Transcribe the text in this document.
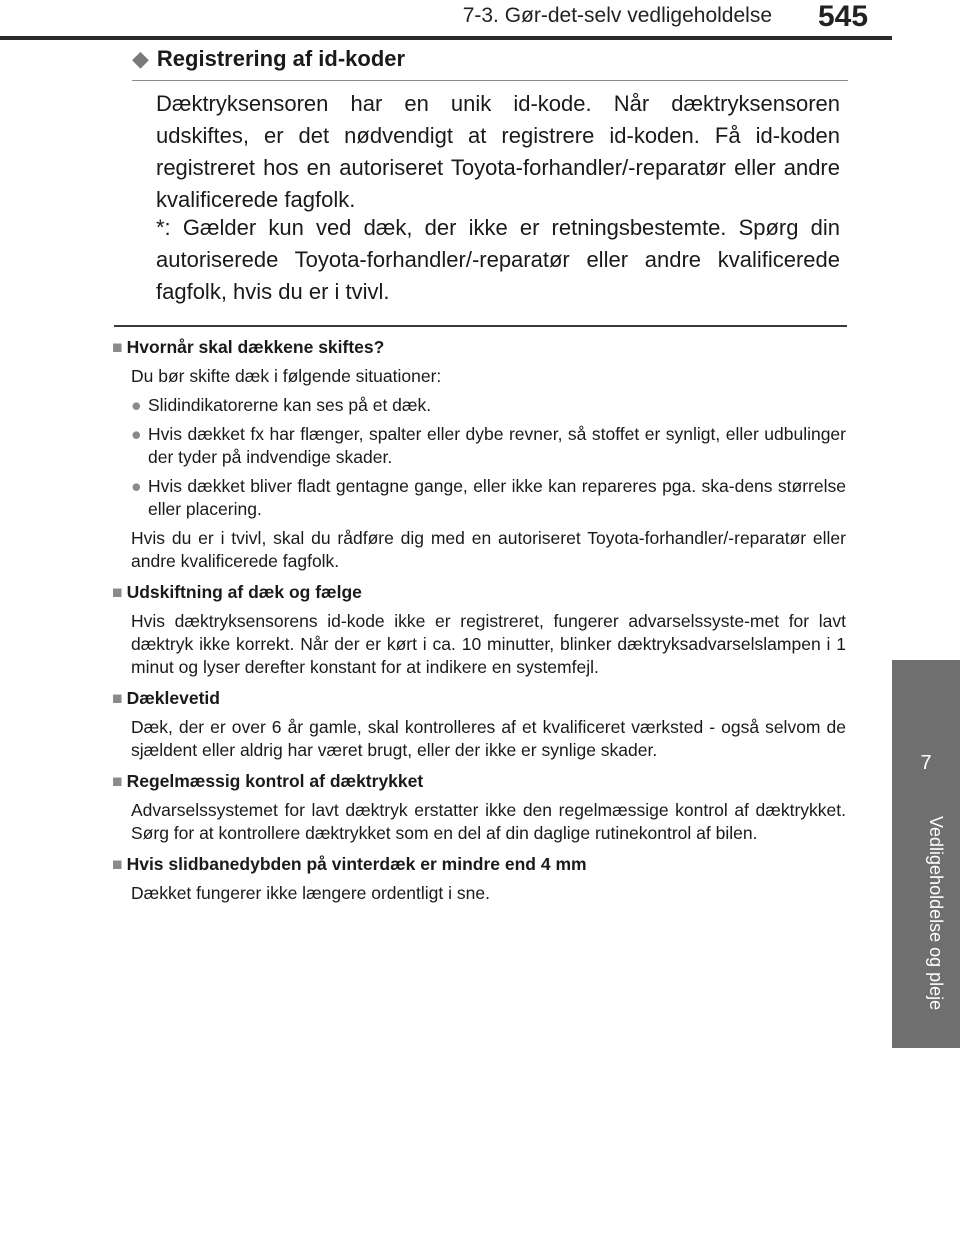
7-3. Gør-det-selv vedligeholdelse 545
7
Vedligeholdelse og pleje
◆ Registrering af id-koder

Dæktryksensoren har en unik id-kode. Når dæktryksensoren udskiftes, er det nødvendigt at registrere id-koden. Få id-koden registreret hos en autoriseret Toyota-forhandler/-reparatør eller andre kvalificerede fagfolk.

*: Gælder kun ved dæk, der ikke er retningsbestemte. Spørg din autoriserede Toyota-forhandler/-reparatør eller andre kvalificerede fagfolk, hvis du er i tvivl.

■ Hvornår skal dækkene skiftes?
Du bør skifte dæk i følgende situationer:
● Slidindikatorerne kan ses på et dæk.
● Hvis dækket fx har flænger, spalter eller dybe revner, så stoffet er synligt, eller udbulinger der tyder på indvendige skader.
● Hvis dækket bliver fladt gentagne gange, eller ikke kan repareres pga. ska-dens størrelse eller placering.
Hvis du er i tvivl, skal du rådføre dig med en autoriseret Toyota-forhandler/-reparatør eller andre kvalificerede fagfolk.
■ Udskiftning af dæk og fælge
Hvis dæktryksensorens id-kode ikke er registreret, fungerer advarselssyste-met for lavt dæktryk ikke korrekt. Når der er kørt i ca. 10 minutter, blinker dæktryksadvarselslampen i 1 minut og lyser derefter konstant for at indikere en systemfejl.
■ Dæklevetid
Dæk, der er over 6 år gamle, skal kontrolleres af et kvalificeret værksted - også selvom de sjældent eller aldrig har været brugt, eller der ikke er synlige skader.
■ Regelmæssig kontrol af dæktrykket
Advarselssystemet for lavt dæktryk erstatter ikke den regelmæssige kontrol af dæktrykket. Sørg for at kontrollere dæktrykket som en del af din daglige rutinekontrol af bilen.
■ Hvis slidbanedybden på vinterdæk er mindre end 4 mm
Dækket fungerer ikke længere ordentligt i sne.
